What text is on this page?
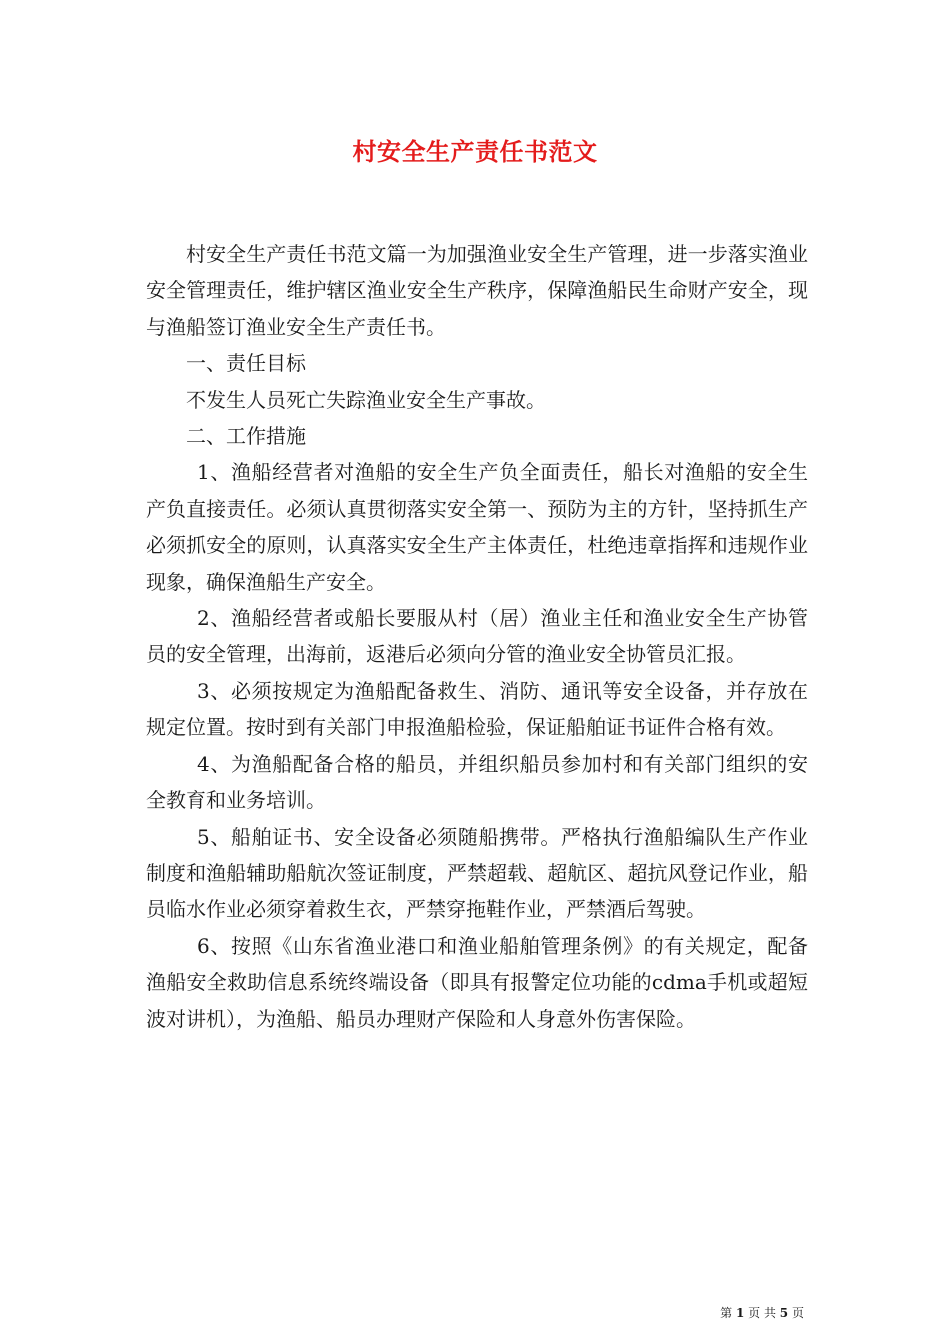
村安全生产责任书范文

村安全生产责任书范文篇一为加强渔业安全生产管理，进一步落实渔业安全管理责任，维护辖区渔业安全生产秩序，保障渔船民生命财产安全，现与渔船签订渔业安全生产责任书。

一、责任目标

不发生人员死亡失踪渔业安全生产事故。

二、工作措施

1、渔船经营者对渔船的安全生产负全面责任，船长对渔船的安全生产负直接责任。必须认真贯彻落实安全第一、预防为主的方针，坚持抓生产必须抓安全的原则，认真落实安全生产主体责任，杜绝违章指挥和违规作业现象，确保渔船生产安全。

2、渔船经营者或船长要服从村（居）渔业主任和渔业安全生产协管员的安全管理，出海前，返港后必须向分管的渔业安全协管员汇报。

3、必须按规定为渔船配备救生、消防、通讯等安全设备，并存放在规定位置。按时到有关部门申报渔船检验，保证船舶证书证件合格有效。

4、为渔船配备合格的船员，并组织船员参加村和有关部门组织的安全教育和业务培训。

5、船舶证书、安全设备必须随船携带。严格执行渔船编队生产作业制度和渔船辅助船航次签证制度，严禁超载、超航区、超抗风登记作业，船员临水作业必须穿着救生衣，严禁穿拖鞋作业，严禁酒后驾驶。

6、按照《山东省渔业港口和渔业船舶管理条例》的有关规定，配备渔船安全救助信息系统终端设备（即具有报警定位功能的cdma手机或超短波对讲机），为渔船、船员办理财产保险和人身意外伤害保险。

第 1 页 共 5 页
